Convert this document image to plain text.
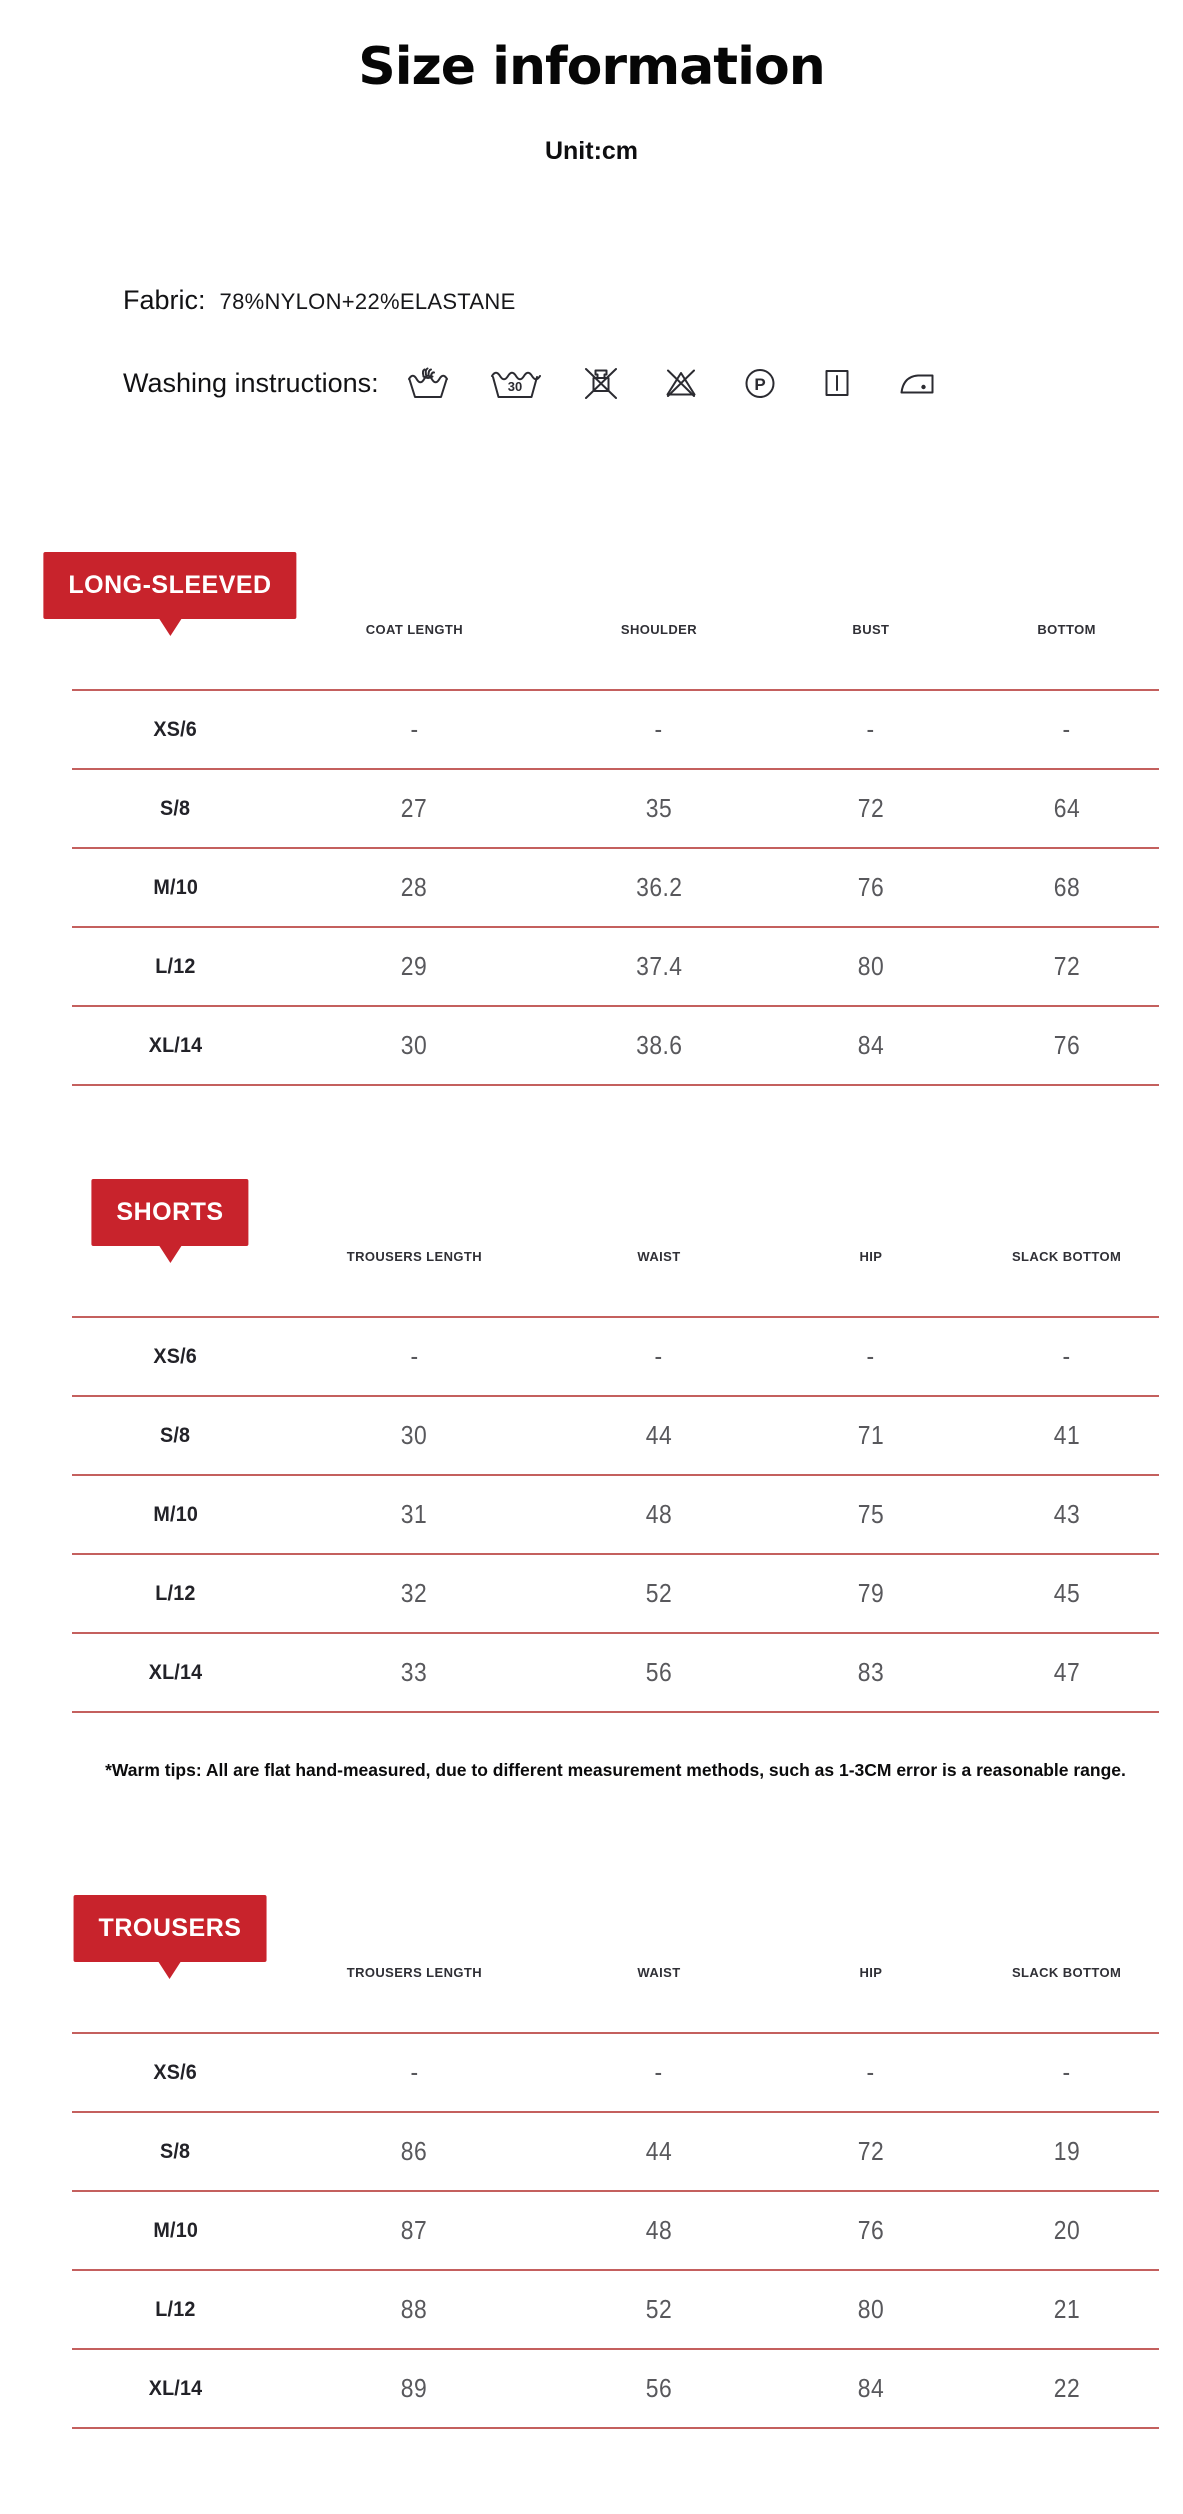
Size information
Unit:cm
Fabric: 78%NYLON+22%ELASTANE
Washing instructions:	30	P
LONG-SLEEVED
	COAT LENGTH	SHOULDER	BUST	BOTTOM
XS/6	-	-	-	-
S/8	27	35	72	64
M/10	28	36.2	76	68
L/12	29	37.4	80	72
XL/14	30	38.6	84	76
SHORTS
	TROUSERS LENGTH	WAIST	HIP	SLACK BOTTOM
XS/6	-	-	-	-
S/8	30	44	71	41
M/10	31	48	75	43
L/12	32	52	79	45
XL/14	33	56	83	47

*Warm tips: All are flat hand-measured, due to different measurement methods, such as 1-3CM error is a reasonable range.

TROUSERS
	TROUSERS LENGTH	WAIST	HIP	SLACK BOTTOM
XS/6	-	-	-	-
S/8	86	44	72	19
M/10	87	48	76	20
L/12	88	52	80	21
XL/14	89	56	84	22
